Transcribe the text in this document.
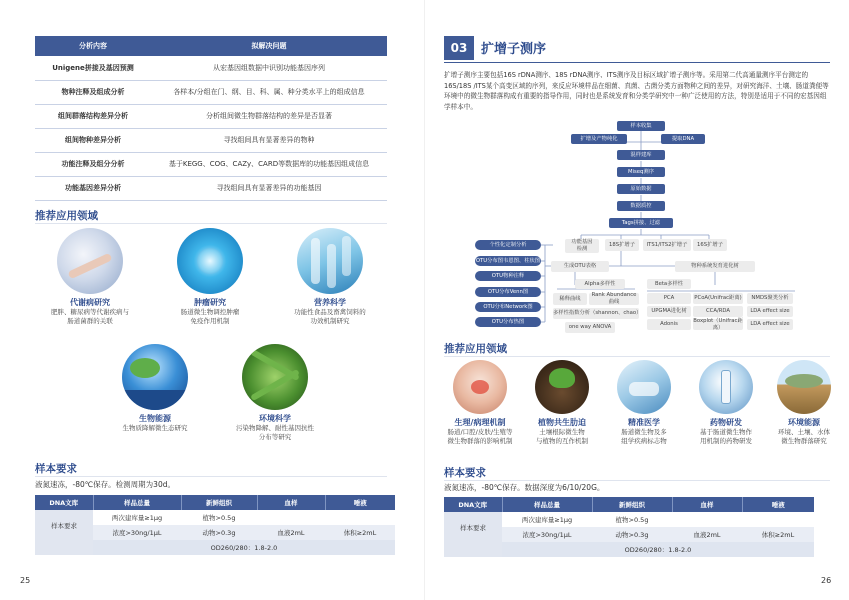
分析内容	拟解决问题
Unigene拼接及基因预测	从宏基因组数据中识别功能基因序列
物种注释及组成分析	各样本/分组在门、纲、目、科、属、种分类水平上的组成信息
组间群落结构差异分析	分析组间微生物群落结构的差异是否显著
组间物种差异分析	寻找组间具有显著差异的物种
功能注释及组分分析	基于KEGG、COG、CAZy、CARD等数据库的功能基因组成信息
功能基因差异分析	寻找组间具有显著差异的功能基因
推荐应用领域
代谢病研究
肥胖、糖尿病等代谢疾病与
肠道菌群的关联
肿瘤研究
肠道微生物调控肿瘤
免疫作用机制
营养科学
功能性食品及畜禽饲料的
功效机制研究
生物能源
生物质降解微生态研究
环境科学
污染物降解、耐性基因抗性
分布等研究
样本要求
液氮速冻，-80℃保存。检测周期为30d。
DNA文库	样品总量	新鲜组织	血样	唾液
样本要求	两次建库量≥1μg	植物>0.5g		
	浓度>30ng/1μL	动物>0.3g	血液2mL	体积≥2mL
	OD260/280：1.8-2.0			
25
03	扩增子测序
扩增子测序主要包括16S rDNA测序、18S rDNA测序、ITS测序及目标区域扩增子测序等。采用第二代高通量测序平台测定的16S/18S /ITS某个高变区域的序列，来反应环境样品在细菌、真菌、古菌分类方面物种之间的差异，对研究海洋、土壤、肠道粪便等环境中的微生物群落构成有重要的指导作用，同时也是系统发育和分类学研究中一种广泛使用的方法，特别是适用于不同的宏基因组学样本中。
样本收集
扩增及产物纯化	提取DNA
混样建库
Miseq测序
原始数据
数据质控
Tags拼接、过滤
功能基因
检测
18S扩增子	ITS1/ITS2扩增子	16S扩增子
个性化定制分析
OTU分布图韦恩图、柱状图
OTU物种注释
OTU分布Venn图
OTU分布Network图
OTU分布热图
生成OTU表格	物种系统发育进化树
Alpha多样性
稀释曲线
Rank Abundance
曲线
多样性指数分析（shannon、chao）
one way ANOVA
Beta多样性
PCA	PCoA(Unifrac距离)	NMDS聚类分析
UPGMA进化树	CCA/RDA	LDA effect size
Adonis
Boxplot（Unifrac距离）
LDA effect size
推荐应用领域
生理/病理机制
肠道/口腔/皮肤/生殖等
微生物群落的影响机制
植物共生肋迫
土壤根际微生物
与植物的互作机制
精准医学
肠道微生物及多
组学疾病标志物
药物研发
基于肠道微生物作
用机制的药物研发
环境能源
环境、土壤、水体
微生物群落研究
样本要求
液氮速冻，-80℃保存。数据深度为6/10/20G。
DNA文库	样品总量	新鲜组织	血样	唾液
样本要求	两次建库量≥1μg	植物>0.5g		
	浓度>30ng/1μL	动物>0.3g	血液2mL	体积≥2mL
	OD260/280：1.8-2.0			
26
